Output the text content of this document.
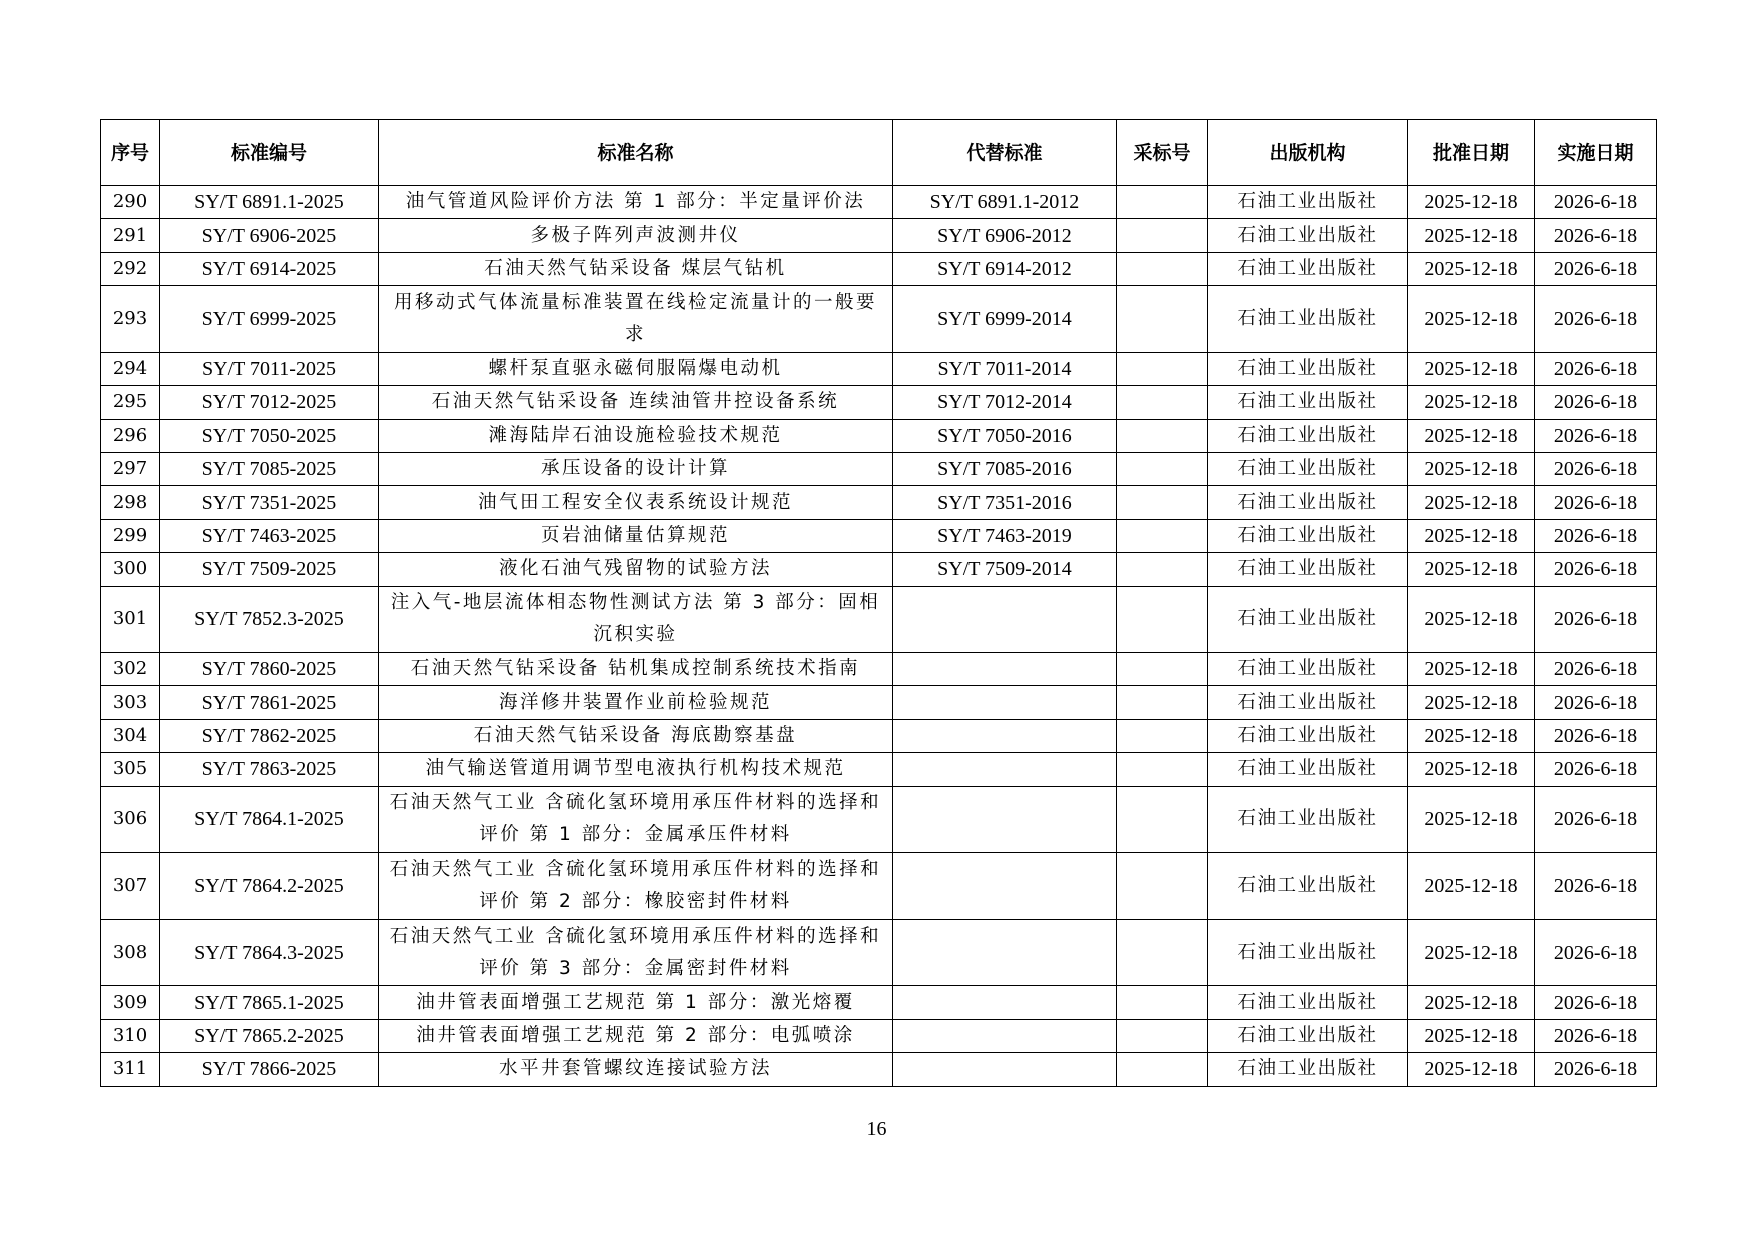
序号	标准编号	标准名称	代替标准	采标号	出版机构	批准日期	实施日期
290	SY/T 6891.1-2025	油气管道风险评价方法 第 1 部分：半定量评价法	SY/T 6891.1-2012		石油工业出版社	2025-12-18	2026-6-18
291	SY/T 6906-2025	多极子阵列声波测井仪	SY/T 6906-2012		石油工业出版社	2025-12-18	2026-6-18
292	SY/T 6914-2025	石油天然气钻采设备 煤层气钻机	SY/T 6914-2012		石油工业出版社	2025-12-18	2026-6-18
293	SY/T 6999-2025	用移动式气体流量标准装置在线检定流量计的一般要求	SY/T 6999-2014		石油工业出版社	2025-12-18	2026-6-18
294	SY/T 7011-2025	螺杆泵直驱永磁伺服隔爆电动机	SY/T 7011-2014		石油工业出版社	2025-12-18	2026-6-18
295	SY/T 7012-2025	石油天然气钻采设备 连续油管井控设备系统	SY/T 7012-2014		石油工业出版社	2025-12-18	2026-6-18
296	SY/T 7050-2025	滩海陆岸石油设施检验技术规范	SY/T 7050-2016		石油工业出版社	2025-12-18	2026-6-18
297	SY/T 7085-2025	承压设备的设计计算	SY/T 7085-2016		石油工业出版社	2025-12-18	2026-6-18
298	SY/T 7351-2025	油气田工程安全仪表系统设计规范	SY/T 7351-2016		石油工业出版社	2025-12-18	2026-6-18
299	SY/T 7463-2025	页岩油储量估算规范	SY/T 7463-2019		石油工业出版社	2025-12-18	2026-6-18
300	SY/T 7509-2025	液化石油气残留物的试验方法	SY/T 7509-2014		石油工业出版社	2025-12-18	2026-6-18
301	SY/T 7852.3-2025	注入气-地层流体相态物性测试方法 第 3 部分：固相沉积实验			石油工业出版社	2025-12-18	2026-6-18
302	SY/T 7860-2025	石油天然气钻采设备 钻机集成控制系统技术指南			石油工业出版社	2025-12-18	2026-6-18
303	SY/T 7861-2025	海洋修井装置作业前检验规范			石油工业出版社	2025-12-18	2026-6-18
304	SY/T 7862-2025	石油天然气钻采设备 海底勘察基盘			石油工业出版社	2025-12-18	2026-6-18
305	SY/T 7863-2025	油气输送管道用调节型电液执行机构技术规范			石油工业出版社	2025-12-18	2026-6-18
306	SY/T 7864.1-2025	石油天然气工业 含硫化氢环境用承压件材料的选择和评价 第 1 部分：金属承压件材料			石油工业出版社	2025-12-18	2026-6-18
307	SY/T 7864.2-2025	石油天然气工业 含硫化氢环境用承压件材料的选择和评价 第 2 部分：橡胶密封件材料			石油工业出版社	2025-12-18	2026-6-18
308	SY/T 7864.3-2025	石油天然气工业 含硫化氢环境用承压件材料的选择和评价 第 3 部分：金属密封件材料			石油工业出版社	2025-12-18	2026-6-18
309	SY/T 7865.1-2025	油井管表面增强工艺规范 第 1 部分：激光熔覆			石油工业出版社	2025-12-18	2026-6-18
310	SY/T 7865.2-2025	油井管表面增强工艺规范 第 2 部分：电弧喷涂			石油工业出版社	2025-12-18	2026-6-18
311	SY/T 7866-2025	水平井套管螺纹连接试验方法			石油工业出版社	2025-12-18	2026-6-18
16
